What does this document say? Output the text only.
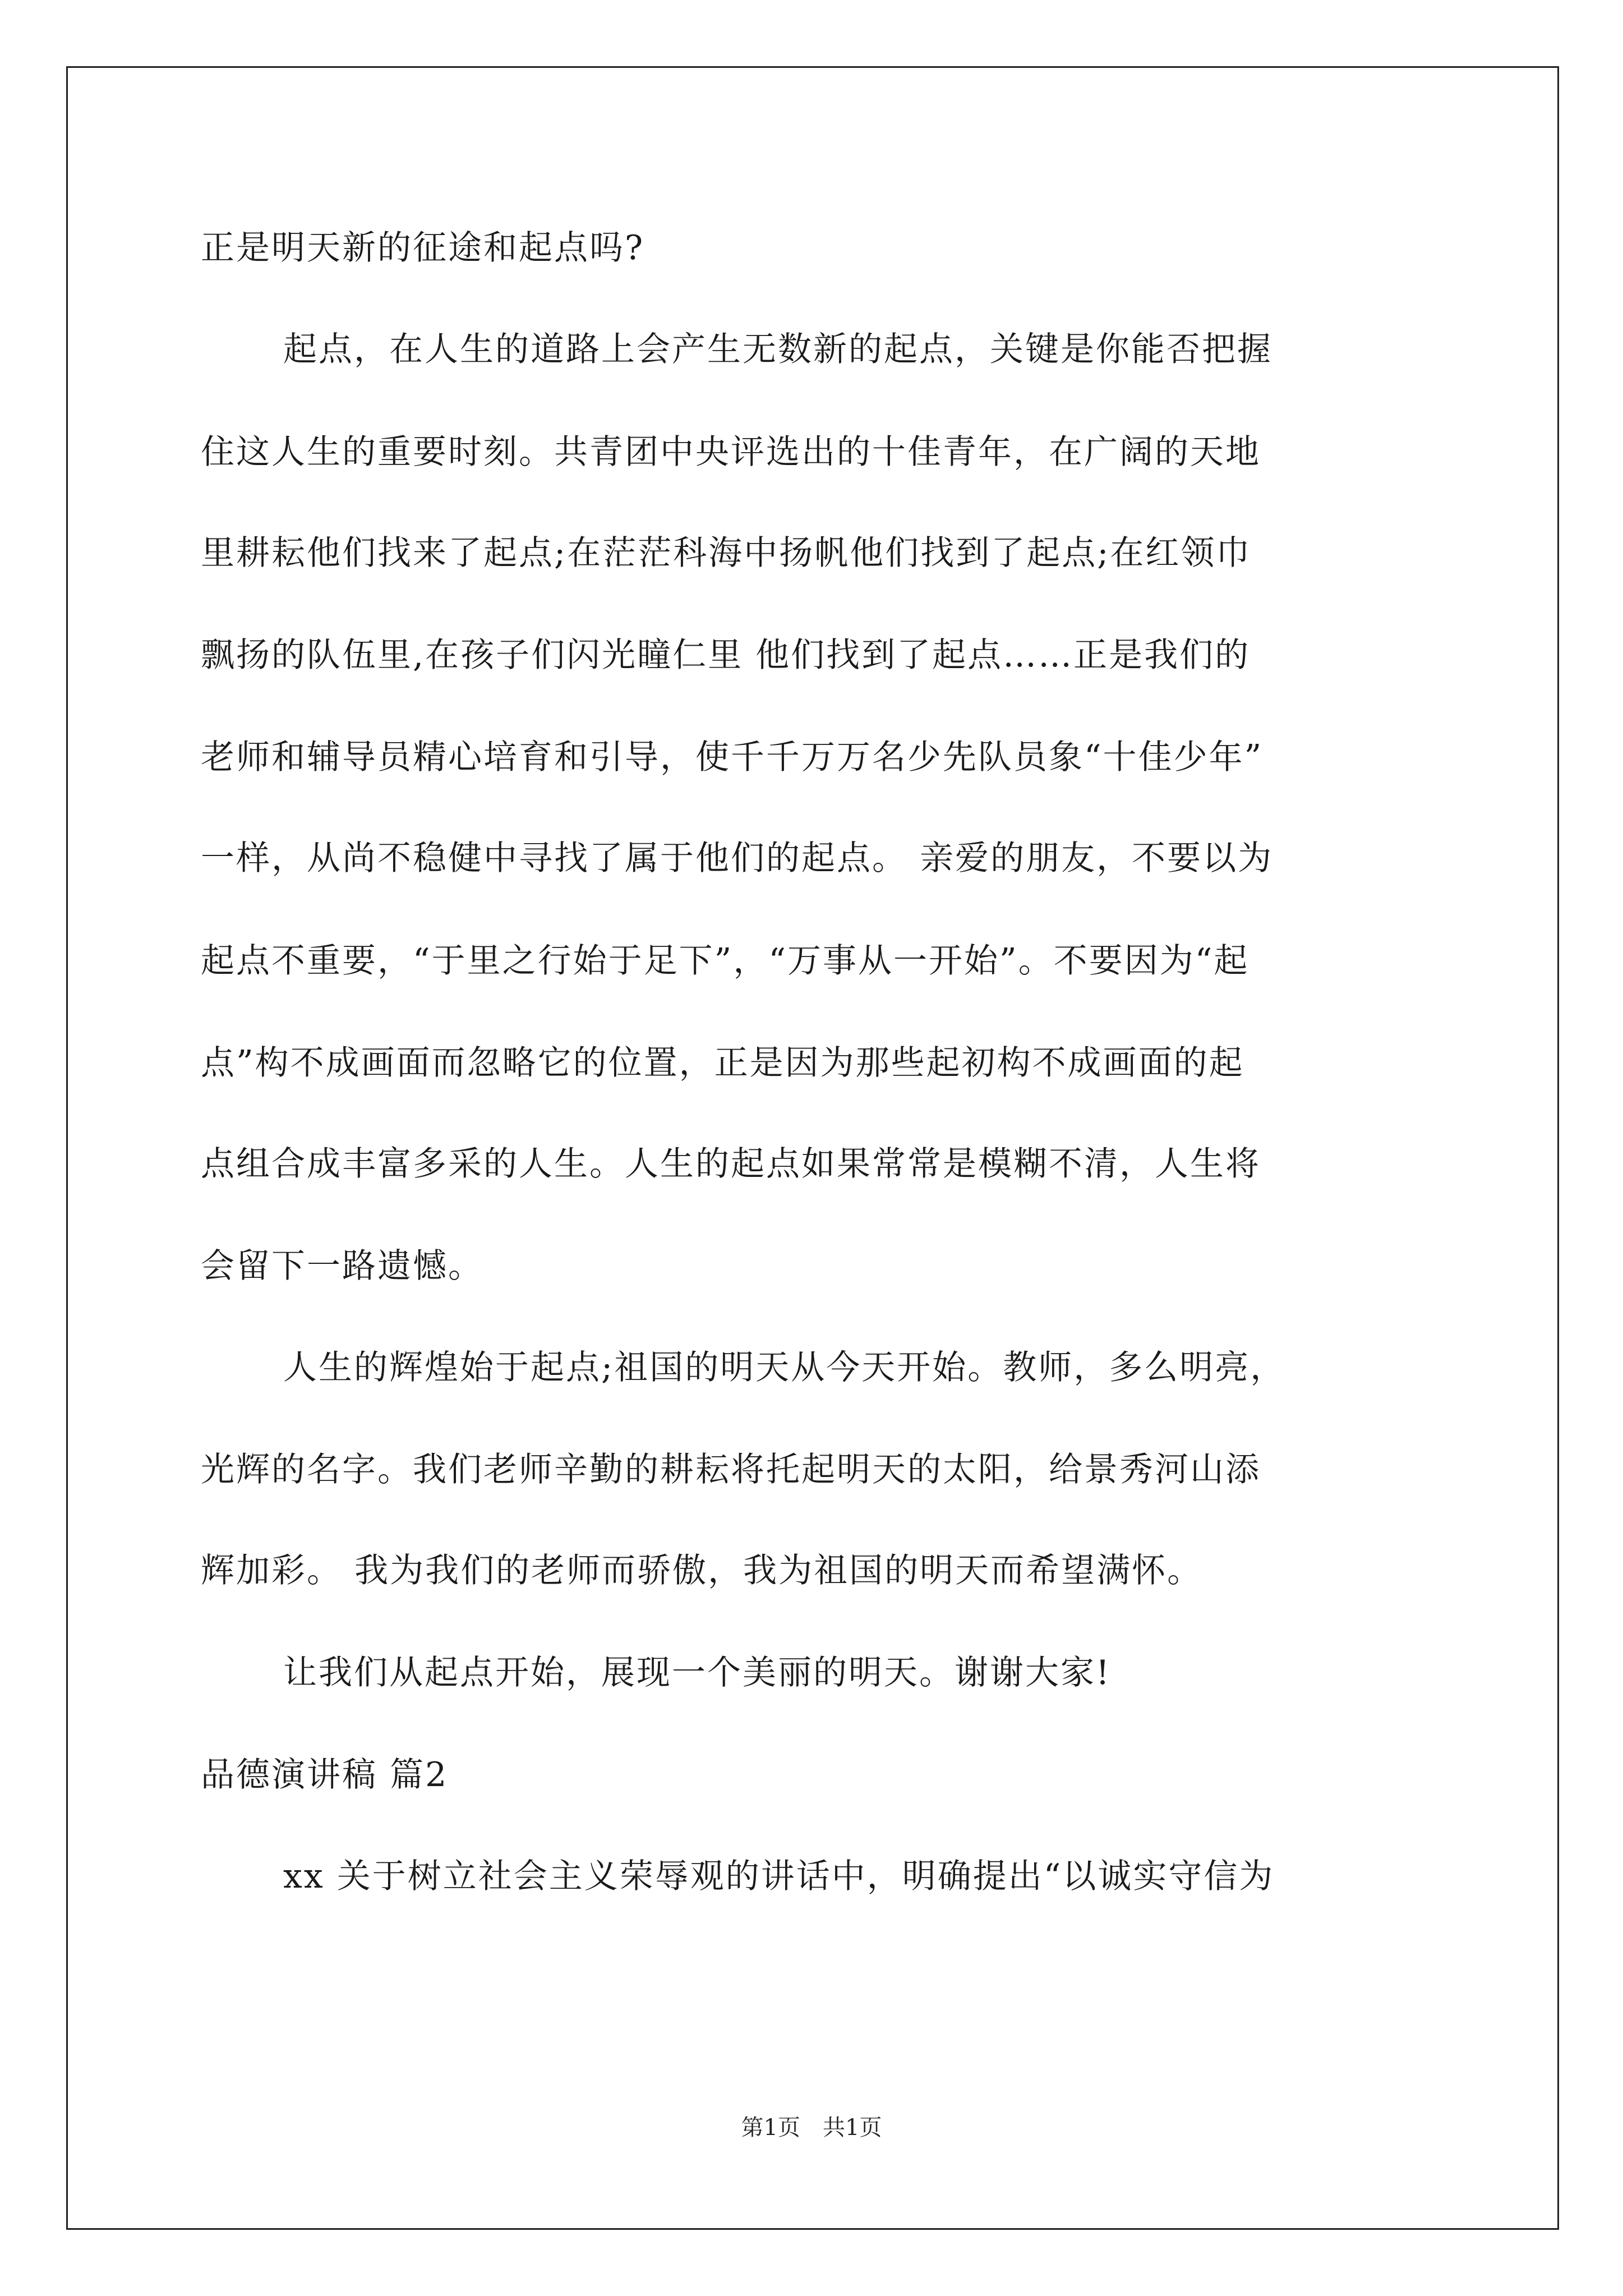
正是明天新的征途和起点吗?
起点，在人生的道路上会产生无数新的起点，关键是你能否把握
住这人生的重要时刻。共青团中央评选出的十佳青年，在广阔的天地
里耕耘他们找来了起点;在茫茫科海中扬帆他们找到了起点;在红领巾
飘扬的队伍里,在孩子们闪光瞳仁里 他们找到了起点……正是我们的
老师和辅导员精心培育和引导，使千千万万名少先队员象“十佳少年”
一样，从尚不稳健中寻找了属于他们的起点。 亲爱的朋友，不要以为
起点不重要，“于里之行始于足下”，“万事从一开始”。不要因为“起
点”构不成画面而忽略它的位置，正是因为那些起初构不成画面的起
点组合成丰富多采的人生。人生的起点如果常常是模糊不清，人生将
会留下一路遗憾。
人生的辉煌始于起点;祖国的明天从今天开始。教师，多么明亮，
光辉的名字。我们老师辛勤的耕耘将托起明天的太阳，给景秀河山添
辉加彩。 我为我们的老师而骄傲，我为祖国的明天而希望满怀。
让我们从起点开始，展现一个美丽的明天。谢谢大家!
品德演讲稿 篇2
xx 关于树立社会主义荣辱观的讲话中，明确提出“以诚实守信为
第1页　共1页
